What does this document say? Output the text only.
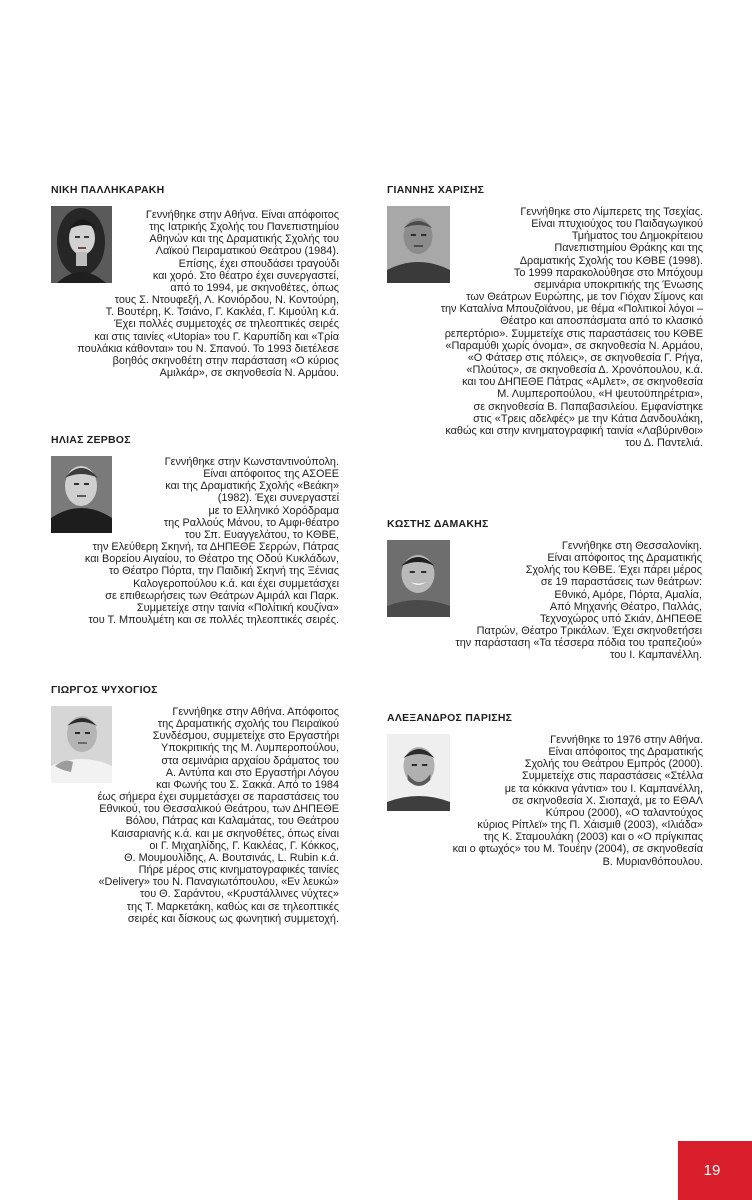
ΝΙΚΗ ΠΑΛΛΗΚΑΡΑΚΗ
Γεννήθηκε στην Αθήνα. Είναι απόφοιτος
της Ιατρικής Σχολής του Πανεπιστημίου
Αθηνών και της Δραματικής Σχολής του
Λαϊκού Πειραματικού Θεάτρου (1984).
Επίσης, έχει σπουδάσει τραγούδι
και χορό. Στο θέατρο έχει συνεργαστεί,
από το 1994, με σκηνοθέτες, όπως
τους Σ. Ντουφεξή, Λ. Κονιόρδου, Ν. Κοντούρη,
Τ. Βουτέρη, Κ. Τσιάνο, Γ. Κακλέα, Γ. Κιμούλη κ.ά.
Έχει πολλές συμμετοχές σε τηλεοπτικές σειρές
και στις ταινίες «Utopia» του Γ. Καρυπίδη και «Τρία
πουλάκια κάθονται» του Ν. Σπανού. Το 1993 διετέλεσε
βοηθός σκηνοθέτη στην παράσταση «Ο κύριος
Αμιλκάρ», σε σκηνοθεσία Ν. Αρμάου.
ΗΛΙΑΣ ΖΕΡΒΟΣ
Γεννήθηκε στην Κωνσταντινούπολη.
Είναι απόφοιτος της ΑΣΟΕΕ
και της Δραματικής Σχολής «Βεάκη»
(1982). Έχει συνεργαστεί
με το Ελληνικό Χορόδραμα
της Ραλλούς Μάνου, το Αμφι-θέατρο
του Σπ. Ευαγγελάτου, το ΚΘΒΕ,
την Ελεύθερη Σκηνή, τα ΔΗΠΕΘΕ Σερρών, Πάτρας
και Βορείου Αιγαίου, το Θέατρο της Οδού Κυκλάδων,
το Θέατρο Πόρτα, την Παιδική Σκηνή της Ξένιας
Καλογεροπούλου κ.ά. και έχει συμμετάσχει
σε επιθεωρήσεις των Θεάτρων Αμιράλ και Παρκ.
Συμμετείχε στην ταινία «Πολίτική κουζίνα»
του Τ. Μπουλμέτη και σε πολλές τηλεοπτικές σειρές.
ΓΙΩΡΓΟΣ ΨΥΧΟΓΙΟΣ
Γεννήθηκε στην Αθήνα. Απόφοιτος
της Δραματικής σχολής του Πειραϊκού
Συνδέσμου, συμμετείχε στο Εργαστήρι
Υποκριτικής της Μ. Λυμπεροπούλου,
στα σεμινάρια αρχαίου δράματος του
Α. Αντύπα και στο Εργαστήρι Λόγου
και Φωνής του Σ. Σακκά. Από το 1984
έως σήμερα έχει συμμετάσχει σε παραστάσεις του
Εθνικού, του Θεσσαλικού Θεάτρου, των ΔΗΠΕΘΕ
Βόλου, Πάτρας και Καλαμάτας, του Θεάτρου
Καισαριανής κ.ά. και με σκηνοθέτες, όπως είναι
οι Γ. Μιχαηλίδης, Γ. Κακλέας, Γ. Κόκκος,
Θ. Μουμουλίδης, Α. Βουτσινάς, L. Rubin κ.ά.
Πήρε μέρος στις κινηματογραφικές ταινίες
«Delivery» του Ν. Παναγιωτόπουλου, «Εν λευκώ»
του Θ. Σαράντου, «Κρυστάλλινες νύχτες»
της Τ. Μαρκετάκη, καθώς και σε τηλεοπτικές
σειρές και δίσκους ως φωνητική συμμετοχή.
ΓΙΑΝΝΗΣ ΧΑΡΙΣΗΣ
Γεννήθηκε στο Λίμπερετς της Τσεχίας.
Είναι πτυχιούχος του Παιδαγωγικού
Τμήματος του Δημοκρίτειου
Πανεπιστημίου Θράκης και της
Δραματικής Σχολής του ΚΘΒΕ (1998).
Το 1999 παρακολούθησε στο Μπόχουμ
σεμινάρια υποκριτικής της Ένωσης
των Θεάτρων Ευρώπης, με τον Γιόχαν Σίμονς και
την Καταλίνα Μπουζοϊάνου, με θέμα «Πολιτικοί λόγοι –
Θέατρο και αποσπάσματα από το κλασικό
ρεπερτόριο». Συμμετείχε στις παραστάσεις του ΚΘΒΕ
«Παραμύθι χωρίς όνομα», σε σκηνοθεσία Ν. Αρμάου,
«Ο Φάτσερ στις πόλεις», σε σκηνοθεσία Γ. Ρήγα,
«Πλούτος», σε σκηνοθεσία Δ. Χρονόπουλου, κ.ά.
και του ΔΗΠΕΘΕ Πάτρας «Αμλετ», σε σκηνοθεσία
Μ. Λυμπεροπούλου, «Η ψευτοϋπηρέτρια»,
σε σκηνοθεσία Β. Παπαβασιλείου. Εμφανίστηκε
στις «Τρεις αδελφές» με την Κάτια Δανδουλάκη,
καθώς και στην κινηματογραφική ταινία «Λαβύρινθοι»
του Δ. Παντελιά.
ΚΩΣΤΗΣ ΔΑΜΑΚΗΣ
Γεννήθηκε στη Θεσσαλονίκη.
Είναι απόφοιτος της Δραματικής
Σχολής του ΚΘΒΕ. Έχει πάρει μέρος
σε 19 παραστάσεις των θεάτρων:
Εθνικό, Αμόρε, Πόρτα, Αμαλία,
Από Μηχανής Θέατρο, Παλλάς,
Τεχνοχώρος υπό Σκιάν, ΔΗΠΕΘΕ
Πατρών, Θέατρο Τρικάλων. Έχει σκηνοθετήσει
την παράσταση «Τα τέσσερα πόδια του τραπεζιού»
του Ι. Καμπανέλλη.
ΑΛΕΞΑΝΔΡΟΣ ΠΑΡΙΣΗΣ
Γεννήθηκε το 1976 στην Αθήνα.
Είναι απόφοιτος της Δραματικής
Σχολής του Θεάτρου Εμπρός (2000).
Συμμετείχε στις παραστάσεις «Στέλλα
με τα κόκκινα γάντια» του Ι. Καμπανέλλη,
σε σκηνοθεσία Χ. Σιοπαχά, με το ΕΘΑΛ
Κύπρου (2000), «Ο ταλαντούχος
κύριος Ρίπλεϊ» της Π. Χάισμιθ (2003), «Ιλιάδα»
της Κ. Σταμουλάκη (2003) και ο «Ο πρίγκιπας
και ο φτωχός» του Μ. Τουέην (2004), σε σκηνοθεσία
Β. Μυριανθόπουλου.
19
